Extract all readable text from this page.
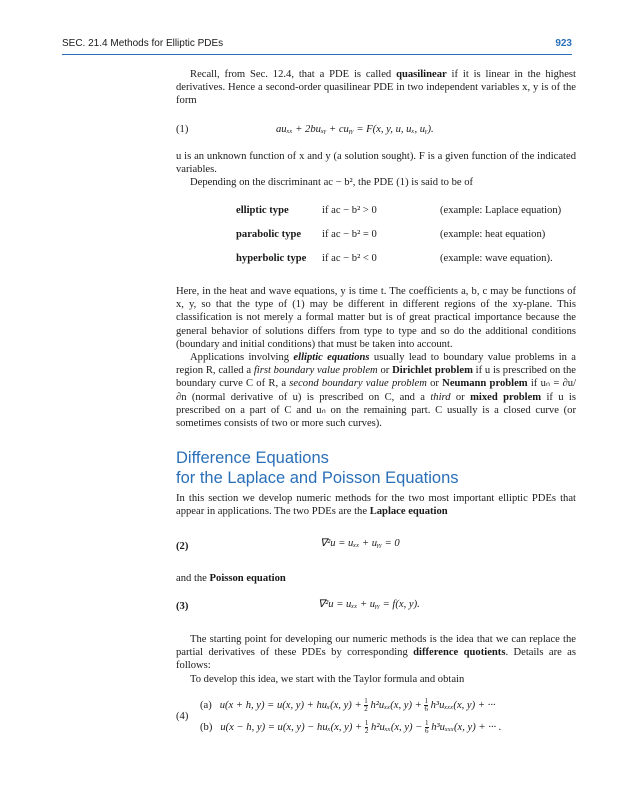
SEC. 21.4 Methods for Elliptic PDEs	923

Recall, from Sec. 12.4, that a PDE is called quasilinear if it is linear in the highest derivatives. Hence a second-order quasilinear PDE in two independent variables x, y is of the form

(1)	auₓₓ + 2buₓᵧ + cuᵧᵧ = F(x, y, u, uₓ, uᵧ).

u is an unknown function of x and y (a solution sought). F is a given function of the indicated variables.

Depending on the discriminant ac − b², the PDE (1) is said to be of

elliptic type	if ac − b² > 0	(example: Laplace equation)
parabolic type	if ac − b² = 0	(example: heat equation)
hyperbolic type	if ac − b² < 0	(example: wave equation).

Here, in the heat and wave equations, y is time t. The coefficients a, b, c may be functions of x, y, so that the type of (1) may be different in different regions of the xy-plane. This classification is not merely a formal matter but is of great practical importance because the general behavior of solutions differs from type to type and so do the additional conditions (boundary and initial conditions) that must be taken into account.

Applications involving elliptic equations usually lead to boundary value problems in a region R, called a first boundary value problem or Dirichlet problem if u is prescribed on the boundary curve C of R, a second boundary value problem or Neumann problem if uₙ = ∂u/∂n (normal derivative of u) is prescribed on C, and a third or mixed problem if u is prescribed on a part of C and uₙ on the remaining part. C usually is a closed curve (or sometimes consists of two or more such curves).

Difference Equations
for the Laplace and Poisson Equations

In this section we develop numeric methods for the two most important elliptic PDEs that appear in applications. The two PDEs are the Laplace equation

(2)	∇²u = uₓₓ + uᵧᵧ = 0

and the Poisson equation

(3)	∇²u = uₓₓ + uᵧᵧ = f(x, y).

The starting point for developing our numeric methods is the idea that we can replace the partial derivatives of these PDEs by corresponding difference quotients. Details are as follows:

To develop this idea, we start with the Taylor formula and obtain

(4)
(a) u(x + h, y) = u(x, y) + huₓ(x, $y) + \frac{1}{2} h^2u_{xx}(x$, $y) + \frac{1}{6} h^3u_{xxx}(x$, y) + ···
(b) u(x − h, y) = u(x, y) − huₓ(x, $y) + \frac{1}{2} h^2u_{xx}(x$, $y) - \frac{1}{6} h^3u_{xxx}(x$, y) + ··· .
